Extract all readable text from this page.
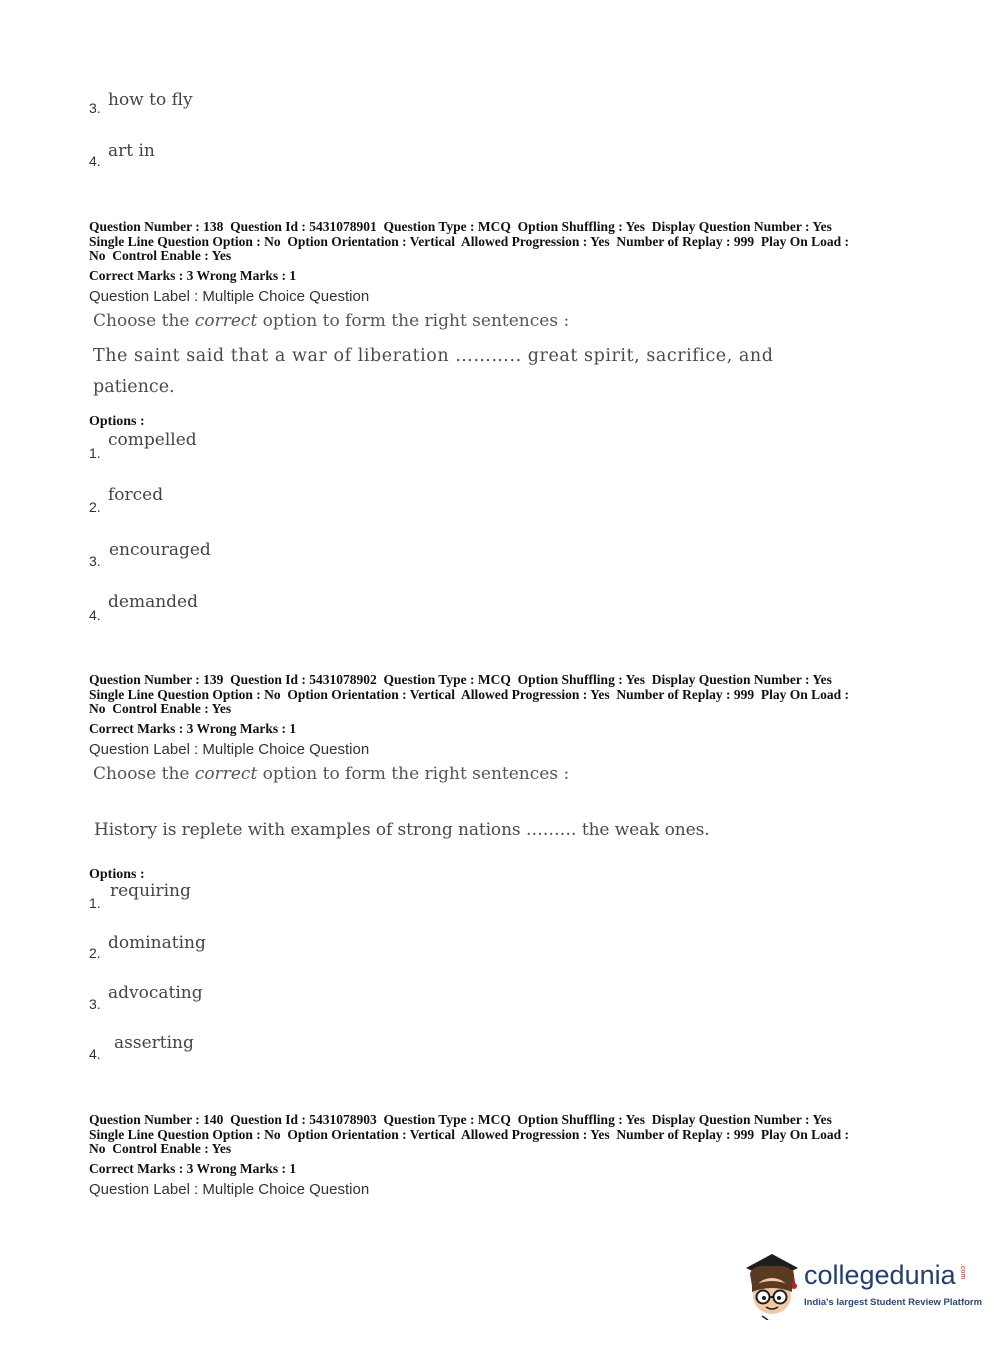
3. how to fly
4. art in
Question Number : 138  Question Id : 5431078901  Question Type : MCQ  Option Shuffling : Yes  Display Question Number : Yes
Single Line Question Option : No  Option Orientation : Vertical  Allowed Progression : Yes  Number of Replay : 999  Play On Load :
No  Control Enable : Yes
Correct Marks : 3 Wrong Marks : 1
Question Label : Multiple Choice Question
Choose the correct option to form the right sentences :
The saint said that a war of liberation ……….. great spirit, sacrifice, and
patience.
Options :
1.
compelled
2.
forced
3.
encouraged
4.
demanded
Question Number : 139  Question Id : 5431078902  Question Type : MCQ  Option Shuffling : Yes  Display Question Number : Yes
Single Line Question Option : No  Option Orientation : Vertical  Allowed Progression : Yes  Number of Replay : 999  Play On Load :
No  Control Enable : Yes
Correct Marks : 3 Wrong Marks : 1
Question Label : Multiple Choice Question
Choose the correct option to form the right sentences :
History is replete with examples of strong nations ……… the weak ones.
Options :
1.
requiring
2. dominating
3.
advocating
4.
asserting
Question Number : 140  Question Id : 5431078903  Question Type : MCQ  Option Shuffling : Yes  Display Question Number : Yes
Single Line Question Option : No  Option Orientation : Vertical  Allowed Progression : Yes  Number of Replay : 999  Play On Load :
No  Control Enable : Yes
Correct Marks : 3 Wrong Marks : 1
Question Label : Multiple Choice Question
collegedunia .com
India's largest Student Review Platform
